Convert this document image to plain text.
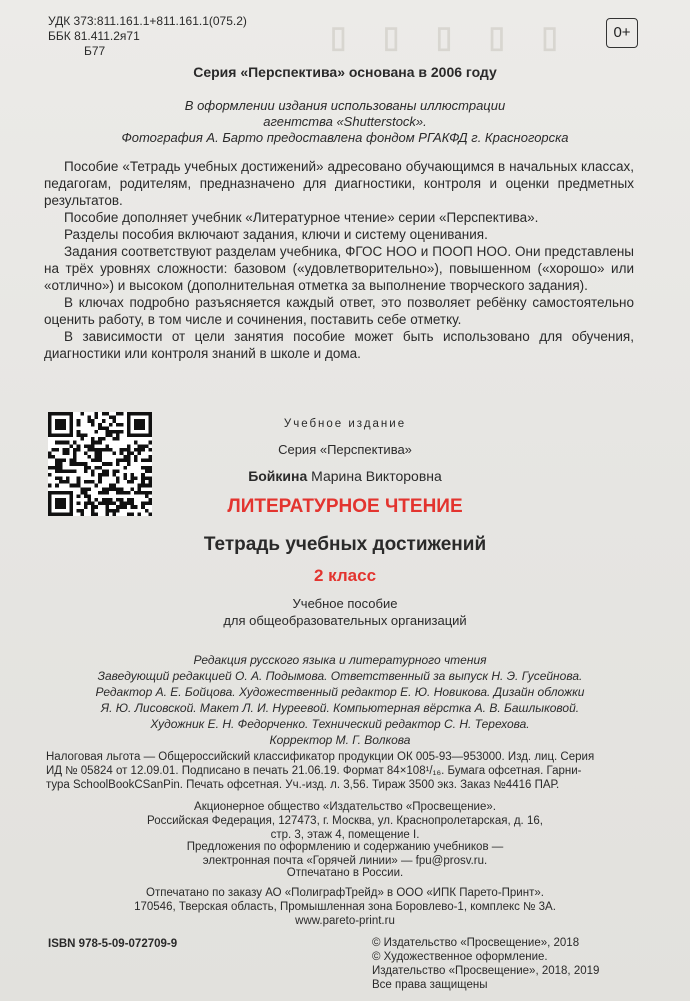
▯ ▯ ▯ ▯ ▯
УДК 373:811.161.1+811.161.1(075.2)
ББК 81.411.2я71
Б77
0+
Серия «Перспектива» основана в 2006 году
В оформлении издания использованы иллюстрации
агентства «Shutterstock».
Фотография А. Барто предоставлена фондом РГАКФД г. Красногорска

Пособие «Тетрадь учебных достижений» адресовано обучающимся в начальных классах, педагогам, родителям, предназначено для диагностики, контроля и оценки предметных результатов.

Пособие дополняет учебник «Литературное чтение» серии «Перспектива».

Разделы пособия включают задания, ключи и систему оценивания.

Задания соответствуют разделам учебника, ФГОС НОО и ПООП НОО. Они представлены на трёх уровнях сложности: базовом («удовлетворительно»), повышенном («хорошо» или «отлично») и высоком (дополнительная отметка за выполнение творческого задания).

В ключах подробно разъясняется каждый ответ, это позволяет ребёнку самостоятельно оценить работу, в том числе и сочинения, поставить себе отметку.

В зависимости от цели занятия пособие может быть использовано для обучения, диагностики или контроля знаний в школе и дома.

Учебное издание
Серия «Перспектива»
Бойкина Марина Викторовна
ЛИТЕРАТУРНОЕ ЧТЕНИЕ
Тетрадь учебных достижений
2 класс
Учебное пособие
для общеобразовательных организаций
Редакция русского языка и литературного чтения
Заведующий редакцией О. А. Подымова. Ответственный за выпуск Н. Э. Гусейнова.
Редактор А. Е. Бойцова. Художественный редактор Е. Ю. Новикова. Дизайн обложки
Я. Ю. Лисовской. Макет Л. И. Нуреевой. Компьютерная вёрстка А. В. Башлыковой.
Художник Е. Н. Федорченко. Технический редактор С. Н. Терехова.
Корректор М. Г. Волкова
Налоговая льгота — Общероссийский классификатор продукции ОК 005-93—953000. Изд. лиц. Серия
ИД № 05824 от 12.09.01. Подписано в печать 21.06.19. Формат 84×108¹/₁₆. Бумага офсетная. Гарни-
тура SchoolBookCSanPin. Печать офсетная. Уч.-изд. л. 3,56. Тираж 3500 экз. Заказ №4416 ПАР.
Акционерное общество «Издательство «Просвещение».
Российская Федерация, 127473, г. Москва, ул. Краснопролетарская, д. 16,
стр. 3, этаж 4, помещение I.
Предложения по оформлению и содержанию учебников —
электронная почта «Горячей линии» — fpu@prosv.ru.
Отпечатано в России.
Отпечатано по заказу АО «ПолиграфТрейд» в ООО «ИПК Парето-Принт».
170546, Тверская область, Промышленная зона Боровлево-1, комплекс № 3А.
www.pareto-print.ru
ISBN 978-5-09-072709-9	© Издательство «Просвещение», 2018
© Художественное оформление.
Издательство «Просвещение», 2018, 2019
Все права защищены
